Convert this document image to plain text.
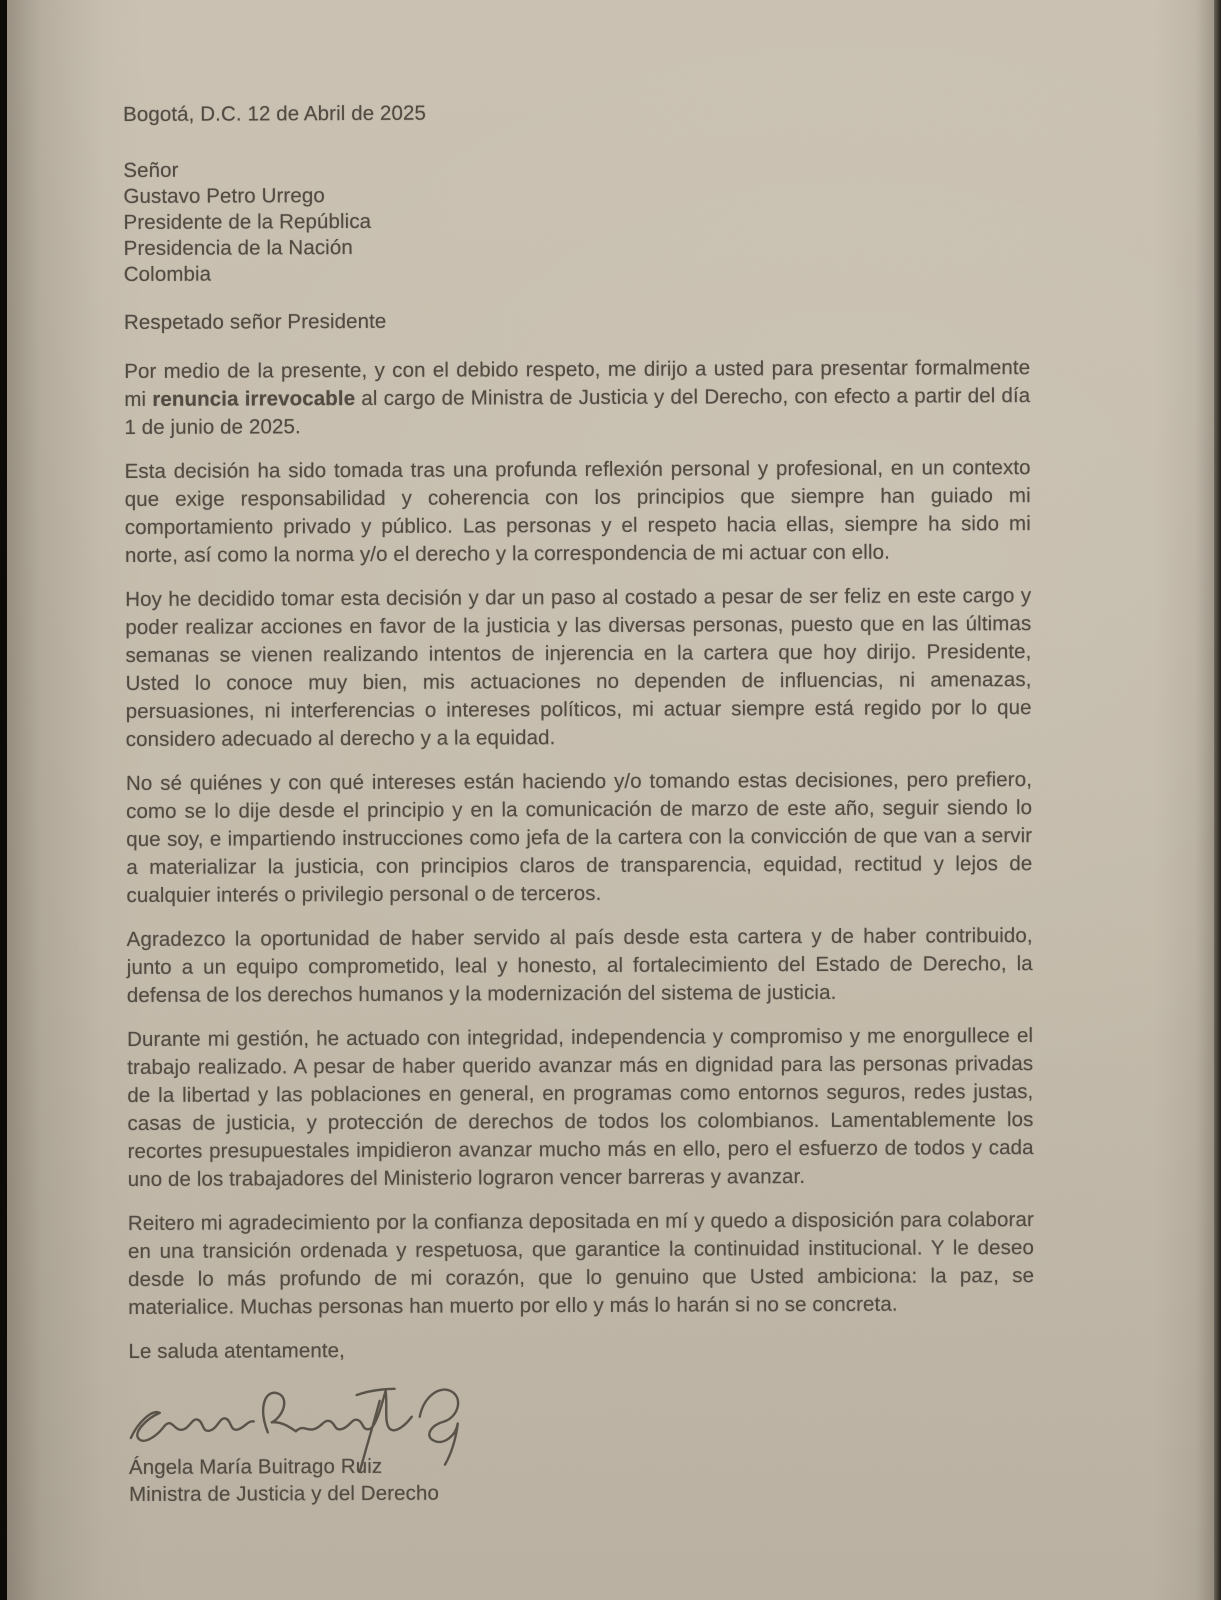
Bogotá, D.C. 12 de Abril de 2025

Señor

Gustavo Petro Urrego

Presidente de la República

Presidencia de la Nación

Colombia

Respetado señor Presidente

Por medio de la presente, y con el debido respeto, me dirijo a usted para presentar formalmente mi renuncia irrevocable al cargo de Ministra de Justicia y del Derecho, con efecto a partir del día 1 de junio de 2025.

Esta decisión ha sido tomada tras una profunda reflexión personal y profesional, en un contexto que exige responsabilidad y coherencia con los principios que siempre han guiado mi comportamiento privado y público. Las personas y el respeto hacia ellas, siempre ha sido mi norte, así como la norma y/o el derecho y la correspondencia de mi actuar con ello.

Hoy he decidido tomar esta decisión y dar un paso al costado a pesar de ser feliz en este cargo y poder realizar acciones en favor de la justicia y las diversas personas, puesto que en las últimas semanas se vienen realizando intentos de injerencia en la cartera que hoy dirijo. Presidente, Usted lo conoce muy bien, mis actuaciones no dependen de influencias, ni amenazas, persuasiones, ni interferencias o intereses políticos, mi actuar siempre está regido por lo que considero adecuado al derecho y a la equidad.

No sé quiénes y con qué intereses están haciendo y/o tomando estas decisiones, pero prefiero, como se lo dije desde el principio y en la comunicación de marzo de este año, seguir siendo lo que soy, e impartiendo instrucciones como jefa de la cartera con la convicción de que van a servir a materializar la justicia, con principios claros de transparencia, equidad, rectitud y lejos de cualquier interés o privilegio personal o de terceros.

Agradezco la oportunidad de haber servido al país desde esta cartera y de haber contribuido, junto a un equipo comprometido, leal y honesto, al fortalecimiento del Estado de Derecho, la defensa de los derechos humanos y la modernización del sistema de justicia.

Durante mi gestión, he actuado con integridad, independencia y compromiso y me enorgullece el trabajo realizado. A pesar de haber querido avanzar más en dignidad para las personas privadas de la libertad y las poblaciones en general, en programas como entornos seguros, redes justas, casas de justicia, y protección de derechos de todos los colombianos. Lamentablemente los recortes presupuestales impidieron avanzar mucho más en ello, pero el esfuerzo de todos y cada uno de los trabajadores del Ministerio lograron vencer barreras y avanzar.

Reitero mi agradecimiento por la confianza depositada en mí y quedo a disposición para colaborar en una transición ordenada y respetuosa, que garantice la continuidad institucional. Y le deseo desde lo más profundo de mi corazón, que lo genuino que Usted ambiciona: la paz, se materialice. Muchas personas han muerto por ello y más lo harán si no se concreta.

Le saluda atentamente,

Ángela María Buitrago Ruiz

Ministra de Justicia y del Derecho
